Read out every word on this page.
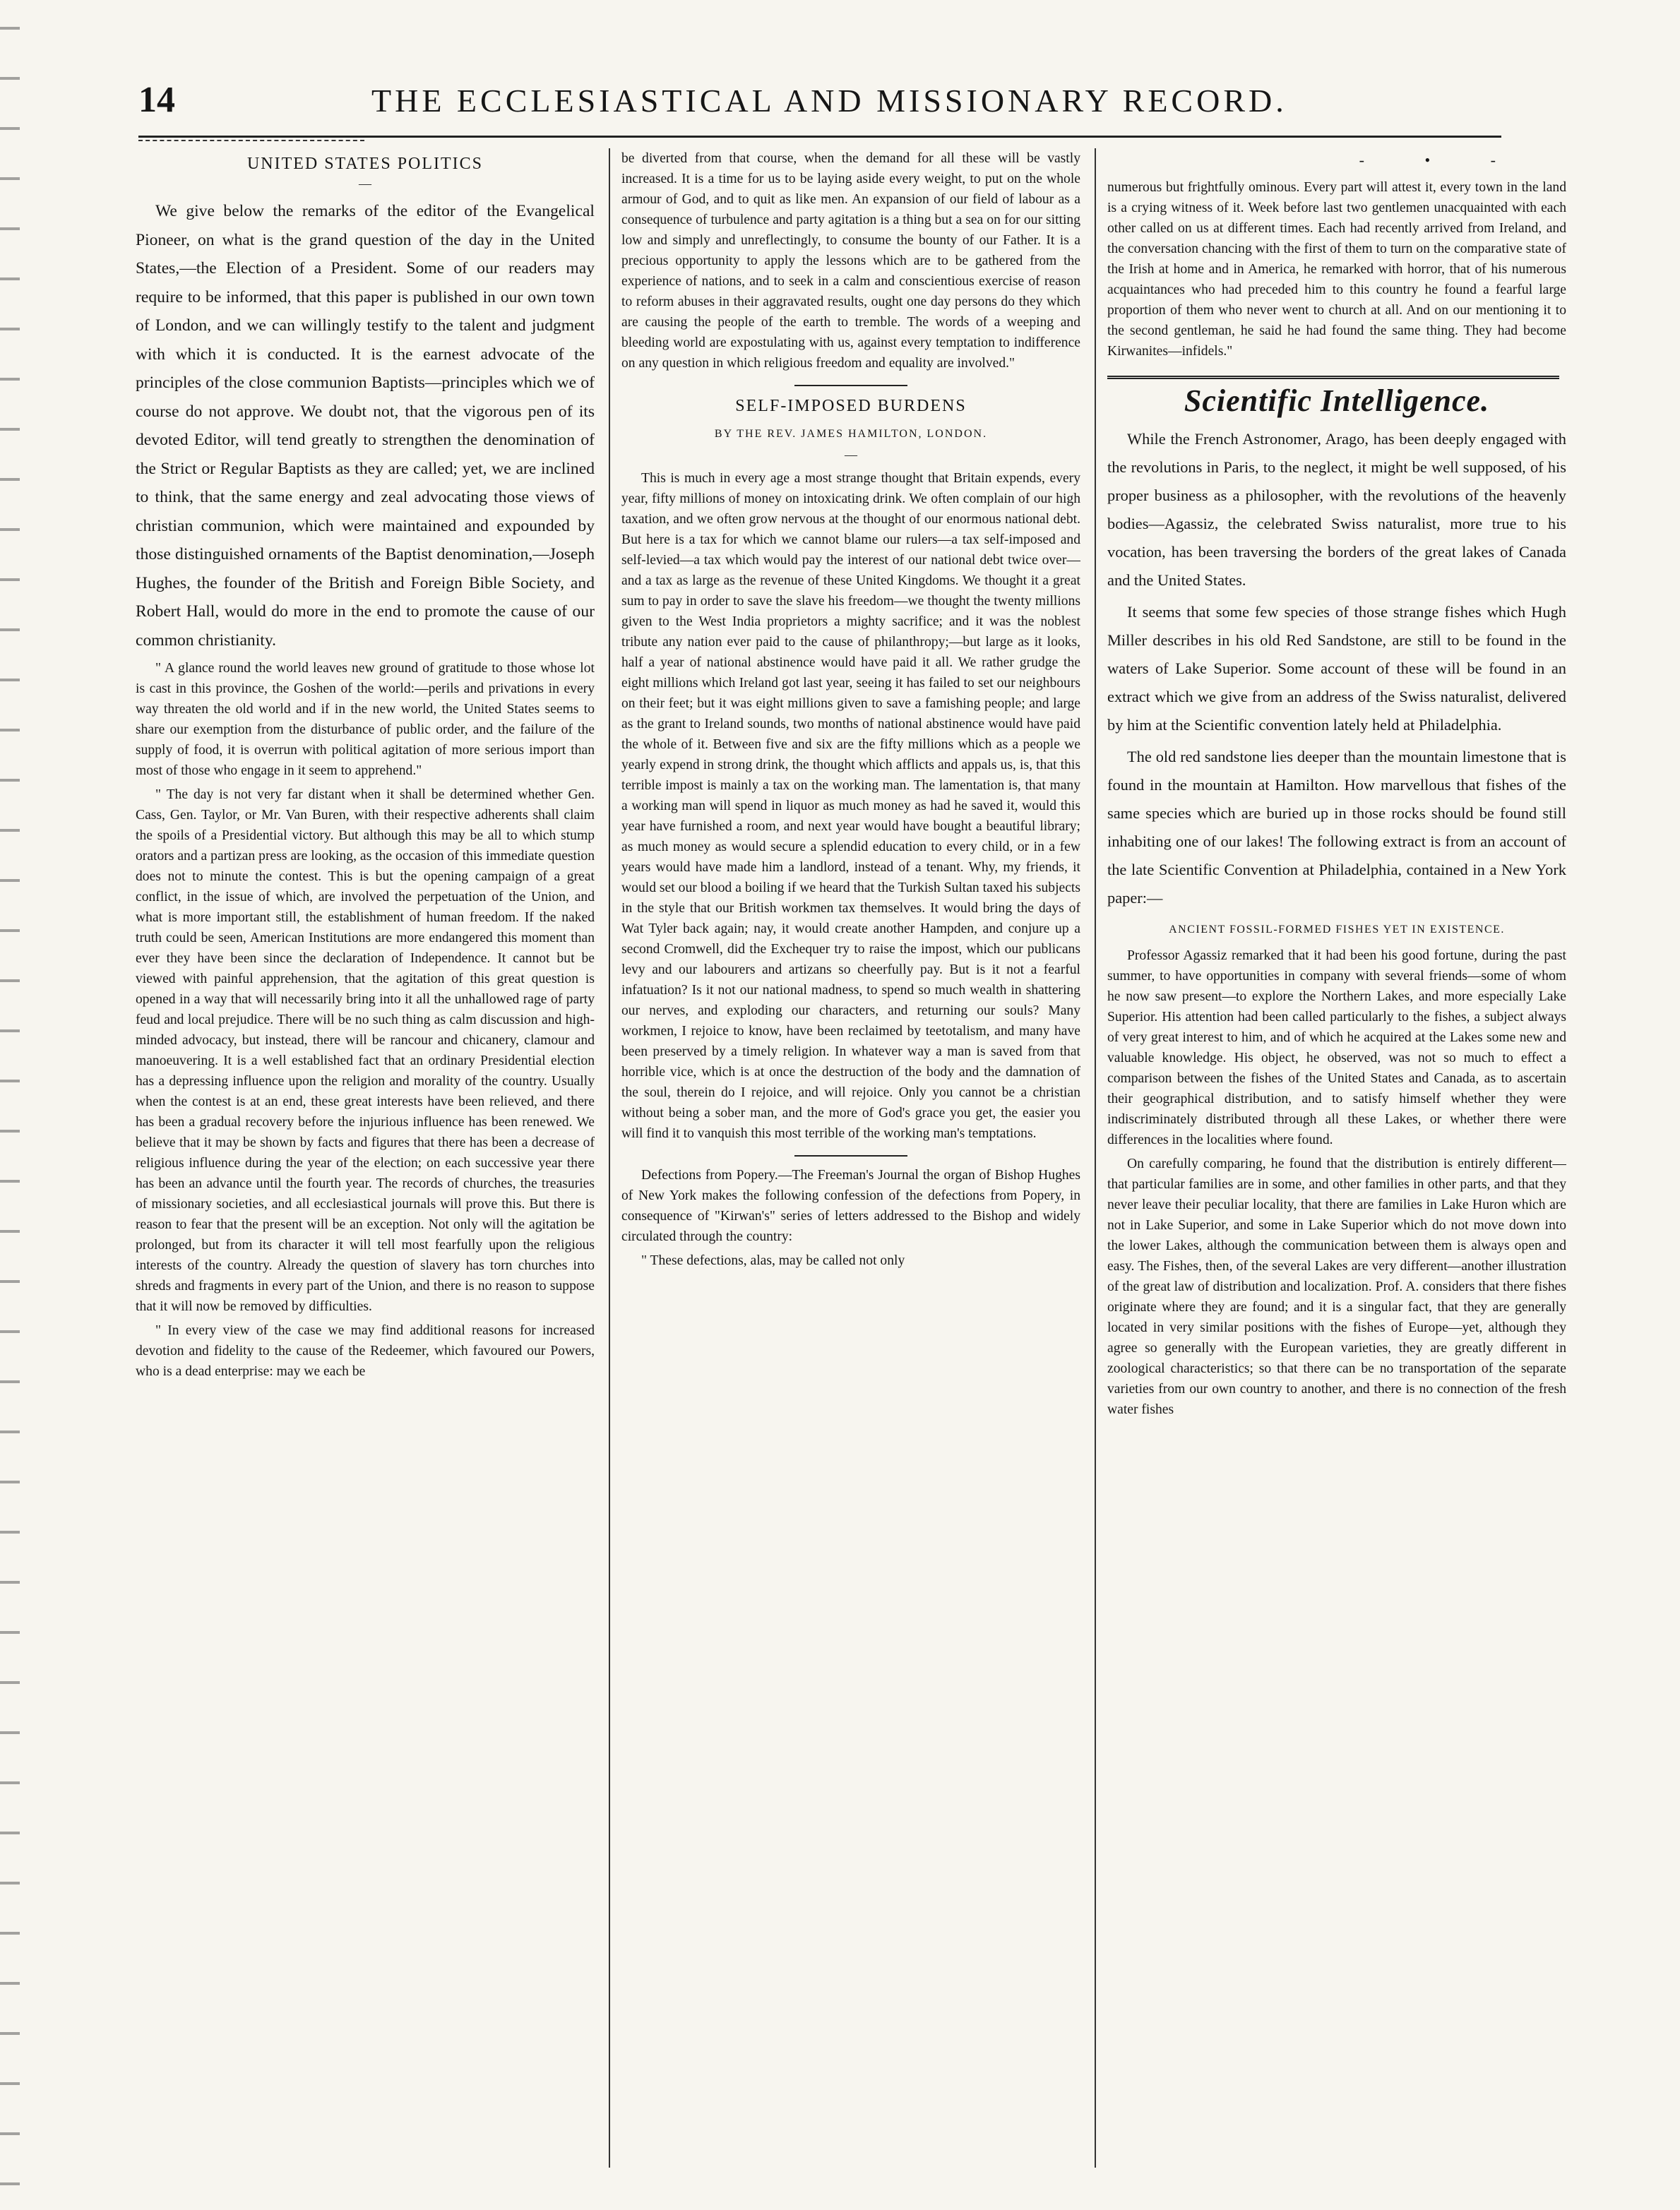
14	THE ECCLESIASTICAL AND MISSIONARY RECORD.
UNITED STATES POLITICS
—

We give below the remarks of the editor of the Evangelical Pioneer, on what is the grand question of the day in the United States,—the Election of a President. Some of our readers may require to be informed, that this paper is published in our own town of London, and we can willingly testify to the talent and judgment with which it is conducted. It is the earnest advocate of the principles of the close communion Baptists—principles which we of course do not approve. We doubt not, that the vigorous pen of its devoted Editor, will tend greatly to strengthen the denomination of the Strict or Regular Baptists as they are called; yet, we are inclined to think, that the same energy and zeal advocating those views of christian communion, which were maintained and expounded by those distinguished ornaments of the Baptist denomination,—Joseph Hughes, the founder of the British and Foreign Bible Society, and Robert Hall, would do more in the end to promote the cause of our common christianity.

" A glance round the world leaves new ground of gratitude to those whose lot is cast in this province, the Goshen of the world:—perils and privations in every way threaten the old world and if in the new world, the United States seems to share our exemption from the disturbance of public order, and the failure of the supply of food, it is overrun with political agitation of more serious import than most of those who engage in it seem to apprehend."

" The day is not very far distant when it shall be determined whether Gen. Cass, Gen. Taylor, or Mr. Van Buren, with their respective adherents shall claim the spoils of a Presidential victory. But although this may be all to which stump orators and a partizan press are looking, as the occasion of this immediate question does not to minute the contest. This is but the opening campaign of a great conflict, in the issue of which, are involved the perpetuation of the Union, and what is more important still, the establishment of human freedom. If the naked truth could be seen, American Institutions are more endangered this moment than ever they have been since the declaration of Independence. It cannot but be viewed with painful apprehension, that the agitation of this great question is opened in a way that will necessarily bring into it all the unhallowed rage of party feud and local prejudice. There will be no such thing as calm discussion and high-minded advocacy, but instead, there will be rancour and chicanery, clamour and manoeuvering. It is a well established fact that an ordinary Presidential election has a depressing influence upon the religion and morality of the country. Usually when the contest is at an end, these great interests have been relieved, and there has been a gradual recovery before the injurious influence has been renewed. We believe that it may be shown by facts and figures that there has been a decrease of religious influence during the year of the election; on each successive year there has been an advance until the fourth year. The records of churches, the treasuries of missionary societies, and all ecclesiastical journals will prove this. But there is reason to fear that the present will be an exception. Not only will the agitation be prolonged, but from its character it will tell most fearfully upon the religious interests of the country. Already the question of slavery has torn churches into shreds and fragments in every part of the Union, and there is no reason to suppose that it will now be removed by difficulties.

" In every view of the case we may find additional reasons for increased devotion and fidelity to the cause of the Redeemer, which favoured our Powers, who is a dead enterprise: may we each be

be diverted from that course, when the demand for all these will be vastly increased. It is a time for us to be laying aside every weight, to put on the whole armour of God, and to quit as like men. An expansion of our field of labour as a consequence of turbulence and party agitation is a thing but a sea on for our sitting low and simply and unreflectingly, to consume the bounty of our Father. It is a precious opportunity to apply the lessons which are to be gathered from the experience of nations, and to seek in a calm and conscientious exercise of reason to reform abuses in their aggravated results, ought one day persons do they which are causing the people of the earth to tremble. The words of a weeping and bleeding world are expostulating with us, against every temptation to indifference on any question in which religious freedom and equality are involved."

SELF-IMPOSED BURDENS
BY THE REV. JAMES HAMILTON, LONDON.
—

This is much in every age a most strange thought that Britain expends, every year, fifty millions of money on intoxicating drink. We often complain of our high taxation, and we often grow nervous at the thought of our enormous national debt. But here is a tax for which we cannot blame our rulers—a tax self-imposed and self-levied—a tax which would pay the interest of our national debt twice over—and a tax as large as the revenue of these United Kingdoms. We thought it a great sum to pay in order to save the slave his freedom—we thought the twenty millions given to the West India proprietors a mighty sacrifice; and it was the noblest tribute any nation ever paid to the cause of philanthropy;—but large as it looks, half a year of national abstinence would have paid it all. We rather grudge the eight millions which Ireland got last year, seeing it has failed to set our neighbours on their feet; but it was eight millions given to save a famishing people; and large as the grant to Ireland sounds, two months of national abstinence would have paid the whole of it. Between five and six are the fifty millions which as a people we yearly expend in strong drink, the thought which afflicts and appals us, is, that this terrible impost is mainly a tax on the working man. The lamentation is, that many a working man will spend in liquor as much money as had he saved it, would this year have furnished a room, and next year would have bought a beautiful library; as much money as would secure a splendid education to every child, or in a few years would have made him a landlord, instead of a tenant. Why, my friends, it would set our blood a boiling if we heard that the Turkish Sultan taxed his subjects in the style that our British workmen tax themselves. It would bring the days of Wat Tyler back again; nay, it would create another Hampden, and conjure up a second Cromwell, did the Exchequer try to raise the impost, which our publicans levy and our labourers and artizans so cheerfully pay. But is it not a fearful infatuation? Is it not our national madness, to spend so much wealth in shattering our nerves, and exploding our characters, and returning our souls? Many workmen, I rejoice to know, have been reclaimed by teetotalism, and many have been preserved by a timely religion. In whatever way a man is saved from that horrible vice, which is at once the destruction of the body and the damnation of the soul, therein do I rejoice, and will rejoice. Only you cannot be a christian without being a sober man, and the more of God's grace you get, the easier you will find it to vanquish this most terrible of the working man's temptations.

Defections from Popery.—The Freeman's Journal the organ of Bishop Hughes of New York makes the following confession of the defections from Popery, in consequence of "Kirwan's" series of letters addressed to the Bishop and widely circulated through the country:

" These defections, alas, may be called not only

- • -

numerous but frightfully ominous. Every part will attest it, every town in the land is a crying witness of it. Week before last two gentlemen unacquainted with each other called on us at different times. Each had recently arrived from Ireland, and the conversation chancing with the first of them to turn on the comparative state of the Irish at home and in America, he remarked with horror, that of his numerous acquaintances who had preceded him to this country he found a fearful large proportion of them who never went to church at all. And on our mentioning it to the second gentleman, he said he had found the same thing. They had become Kirwanites—infidels."

Scientific Intelligence.

While the French Astronomer, Arago, has been deeply engaged with the revolutions in Paris, to the neglect, it might be well supposed, of his proper business as a philosopher, with the revolutions of the heavenly bodies—Agassiz, the celebrated Swiss naturalist, more true to his vocation, has been traversing the borders of the great lakes of Canada and the United States.

It seems that some few species of those strange fishes which Hugh Miller describes in his old Red Sandstone, are still to be found in the waters of Lake Superior. Some account of these will be found in an extract which we give from an address of the Swiss naturalist, delivered by him at the Scientific convention lately held at Philadelphia.

The old red sandstone lies deeper than the mountain limestone that is found in the mountain at Hamilton. How marvellous that fishes of the same species which are buried up in those rocks should be found still inhabiting one of our lakes! The following extract is from an account of the late Scientific Convention at Philadelphia, contained in a New York paper:—

ANCIENT FOSSIL-FORMED FISHES YET IN EXISTENCE.

Professor Agassiz remarked that it had been his good fortune, during the past summer, to have opportunities in company with several friends—some of whom he now saw present—to explore the Northern Lakes, and more especially Lake Superior. His attention had been called particularly to the fishes, a subject always of very great interest to him, and of which he acquired at the Lakes some new and valuable knowledge. His object, he observed, was not so much to effect a comparison between the fishes of the United States and Canada, as to ascertain their geographical distribution, and to satisfy himself whether they were indiscriminately distributed through all these Lakes, or whether there were differences in the localities where found.

On carefully comparing, he found that the distribution is entirely different—that particular families are in some, and other families in other parts, and that they never leave their peculiar locality, that there are families in Lake Huron which are not in Lake Superior, and some in Lake Superior which do not move down into the lower Lakes, although the communication between them is always open and easy. The Fishes, then, of the several Lakes are very different—another illustration of the great law of distribution and localization. Prof. A. considers that there fishes originate where they are found; and it is a singular fact, that they are generally located in very similar positions with the fishes of Europe—yet, although they agree so generally with the European varieties, they are greatly different in zoological characteristics; so that there can be no transportation of the separate varieties from our own country to another, and there is no connection of the fresh water fishes
